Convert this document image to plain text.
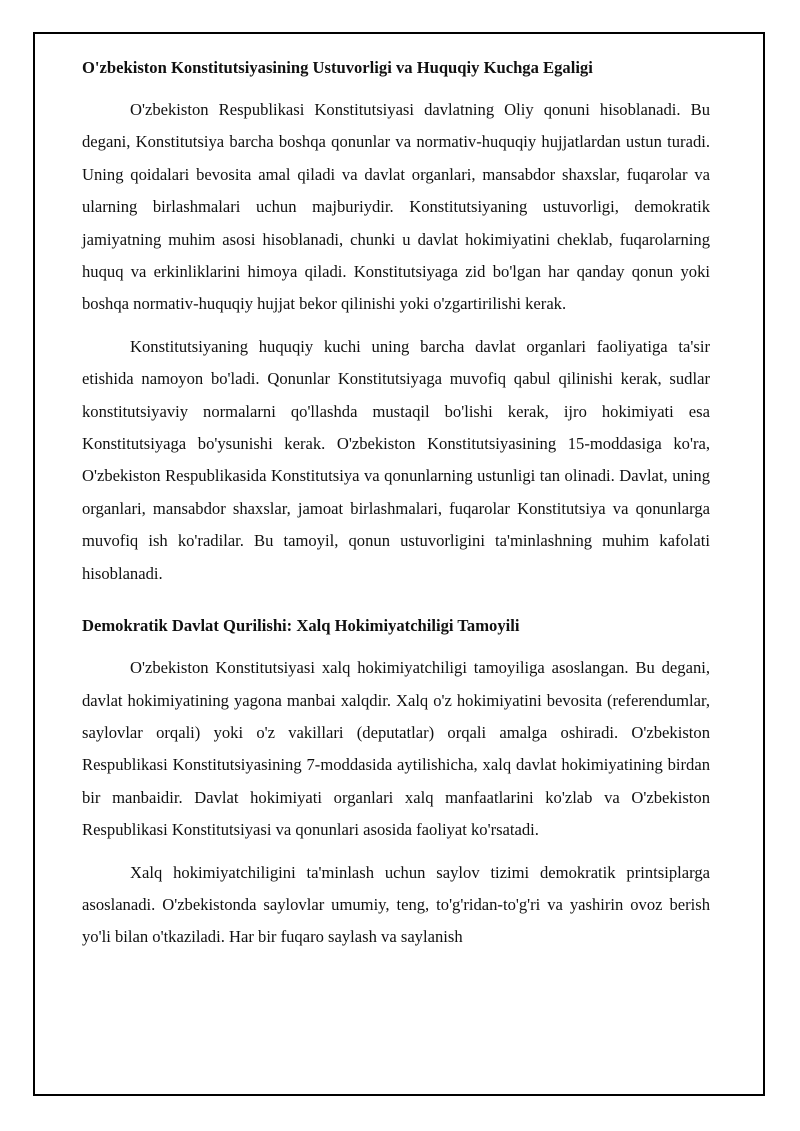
O'zbekiston Konstitutsiyasining Ustuvorligi va Huquqiy Kuchga Egaligi

O'zbekiston Respublikasi Konstitutsiyasi davlatning Oliy qonuni hisoblanadi. Bu degani, Konstitutsiya barcha boshqa qonunlar va normativ-huquqiy hujjatlardan ustun turadi. Uning qoidalari bevosita amal qiladi va davlat organlari, mansabdor shaxslar, fuqarolar va ularning birlashmalari uchun majburiydir. Konstitutsiyaning ustuvorligi, demokratik jamiyatning muhim asosi hisoblanadi, chunki u davlat hokimiyatini cheklab, fuqarolarning huquq va erkinliklarini himoya qiladi. Konstitutsiyaga zid bo'lgan har qanday qonun yoki boshqa normativ-huquqiy hujjat bekor qilinishi yoki o'zgartirilishi kerak.

Konstitutsiyaning huquqiy kuchi uning barcha davlat organlari faoliyatiga ta'sir etishida namoyon bo'ladi. Qonunlar Konstitutsiyaga muvofiq qabul qilinishi kerak, sudlar konstitutsiyaviy normalarni qo'llashda mustaqil bo'lishi kerak, ijro hokimiyati esa Konstitutsiyaga bo'ysunishi kerak. O'zbekiston Konstitutsiyasining 15-moddasiga ko'ra, O'zbekiston Respublikasida Konstitutsiya va qonunlarning ustunligi tan olinadi. Davlat, uning organlari, mansabdor shaxslar, jamoat birlashmalari, fuqarolar Konstitutsiya va qonunlarga muvofiq ish ko'radilar. Bu tamoyil, qonun ustuvorligini ta'minlashning muhim kafolati hisoblanadi.

Demokratik Davlat Qurilishi: Xalq Hokimiyatchiligi Tamoyili

O'zbekiston Konstitutsiyasi xalq hokimiyatchiligi tamoyiliga asoslangan. Bu degani, davlat hokimiyatining yagona manbai xalqdir. Xalq o'z hokimiyatini bevosita (referendumlar, saylovlar orqali) yoki o'z vakillari (deputatlar) orqali amalga oshiradi. O'zbekiston Respublikasi Konstitutsiyasining 7-moddasida aytilishicha, xalq davlat hokimiyatining birdan bir manbaidir. Davlat hokimiyati organlari xalq manfaatlarini ko'zlab va O'zbekiston Respublikasi Konstitutsiyasi va qonunlari asosida faoliyat ko'rsatadi.

Xalq hokimiyatchiligini ta'minlash uchun saylov tizimi demokratik printsiplarga asoslanadi. O'zbekistonda saylovlar umumiy, teng, to'g'ridan-to'g'ri va yashirin ovoz berish yo'li bilan o'tkaziladi. Har bir fuqaro saylash va saylanish
